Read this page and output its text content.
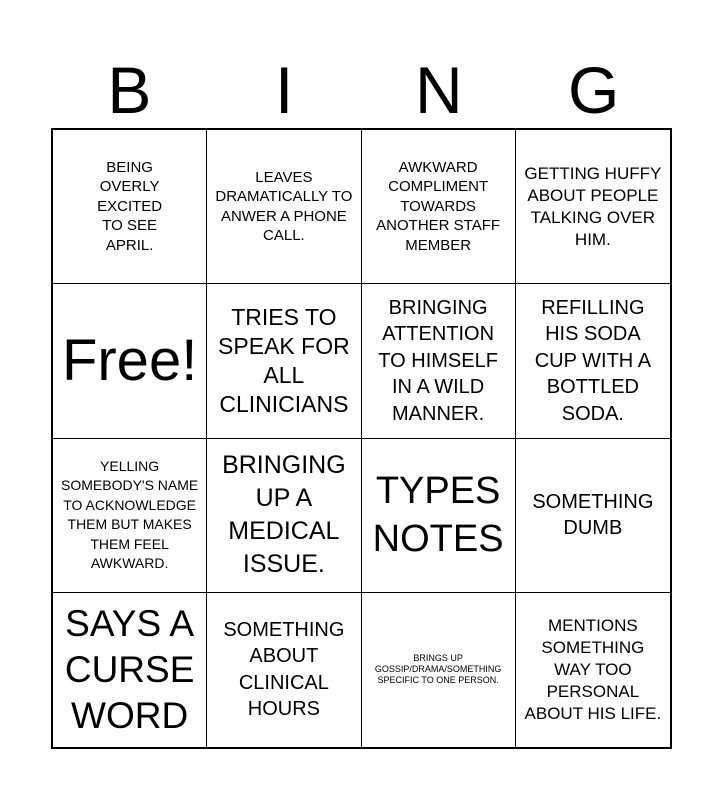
B	I	N	G
BEING OVERLY EXCITED TO SEE APRIL.
LEAVES DRAMATICALLY TO ANWER A PHONE CALL.
AWKWARD COMPLIMENT TOWARDS ANOTHER STAFF MEMBER
GETTING HUFFY ABOUT PEOPLE TALKING OVER HIM.
Free!
TRIES TO SPEAK FOR ALL CLINICIANS
BRINGING ATTENTION TO HIMSELF IN A WILD MANNER.
REFILLING HIS SODA CUP WITH A BOTTLED SODA.
YELLING SOMEBODY'S NAME TO ACKNOWLEDGE THEM BUT MAKES THEM FEEL AWKWARD.
BRINGING UP A MEDICAL ISSUE.
TYPES NOTES
SOMETHING DUMB
SAYS A CURSE WORD
SOMETHING ABOUT CLINICAL HOURS
BRINGS UP GOSSIP/DRAMA/SOMETHING SPECIFIC TO ONE PERSON.
MENTIONS SOMETHING WAY TOO PERSONAL ABOUT HIS LIFE.
